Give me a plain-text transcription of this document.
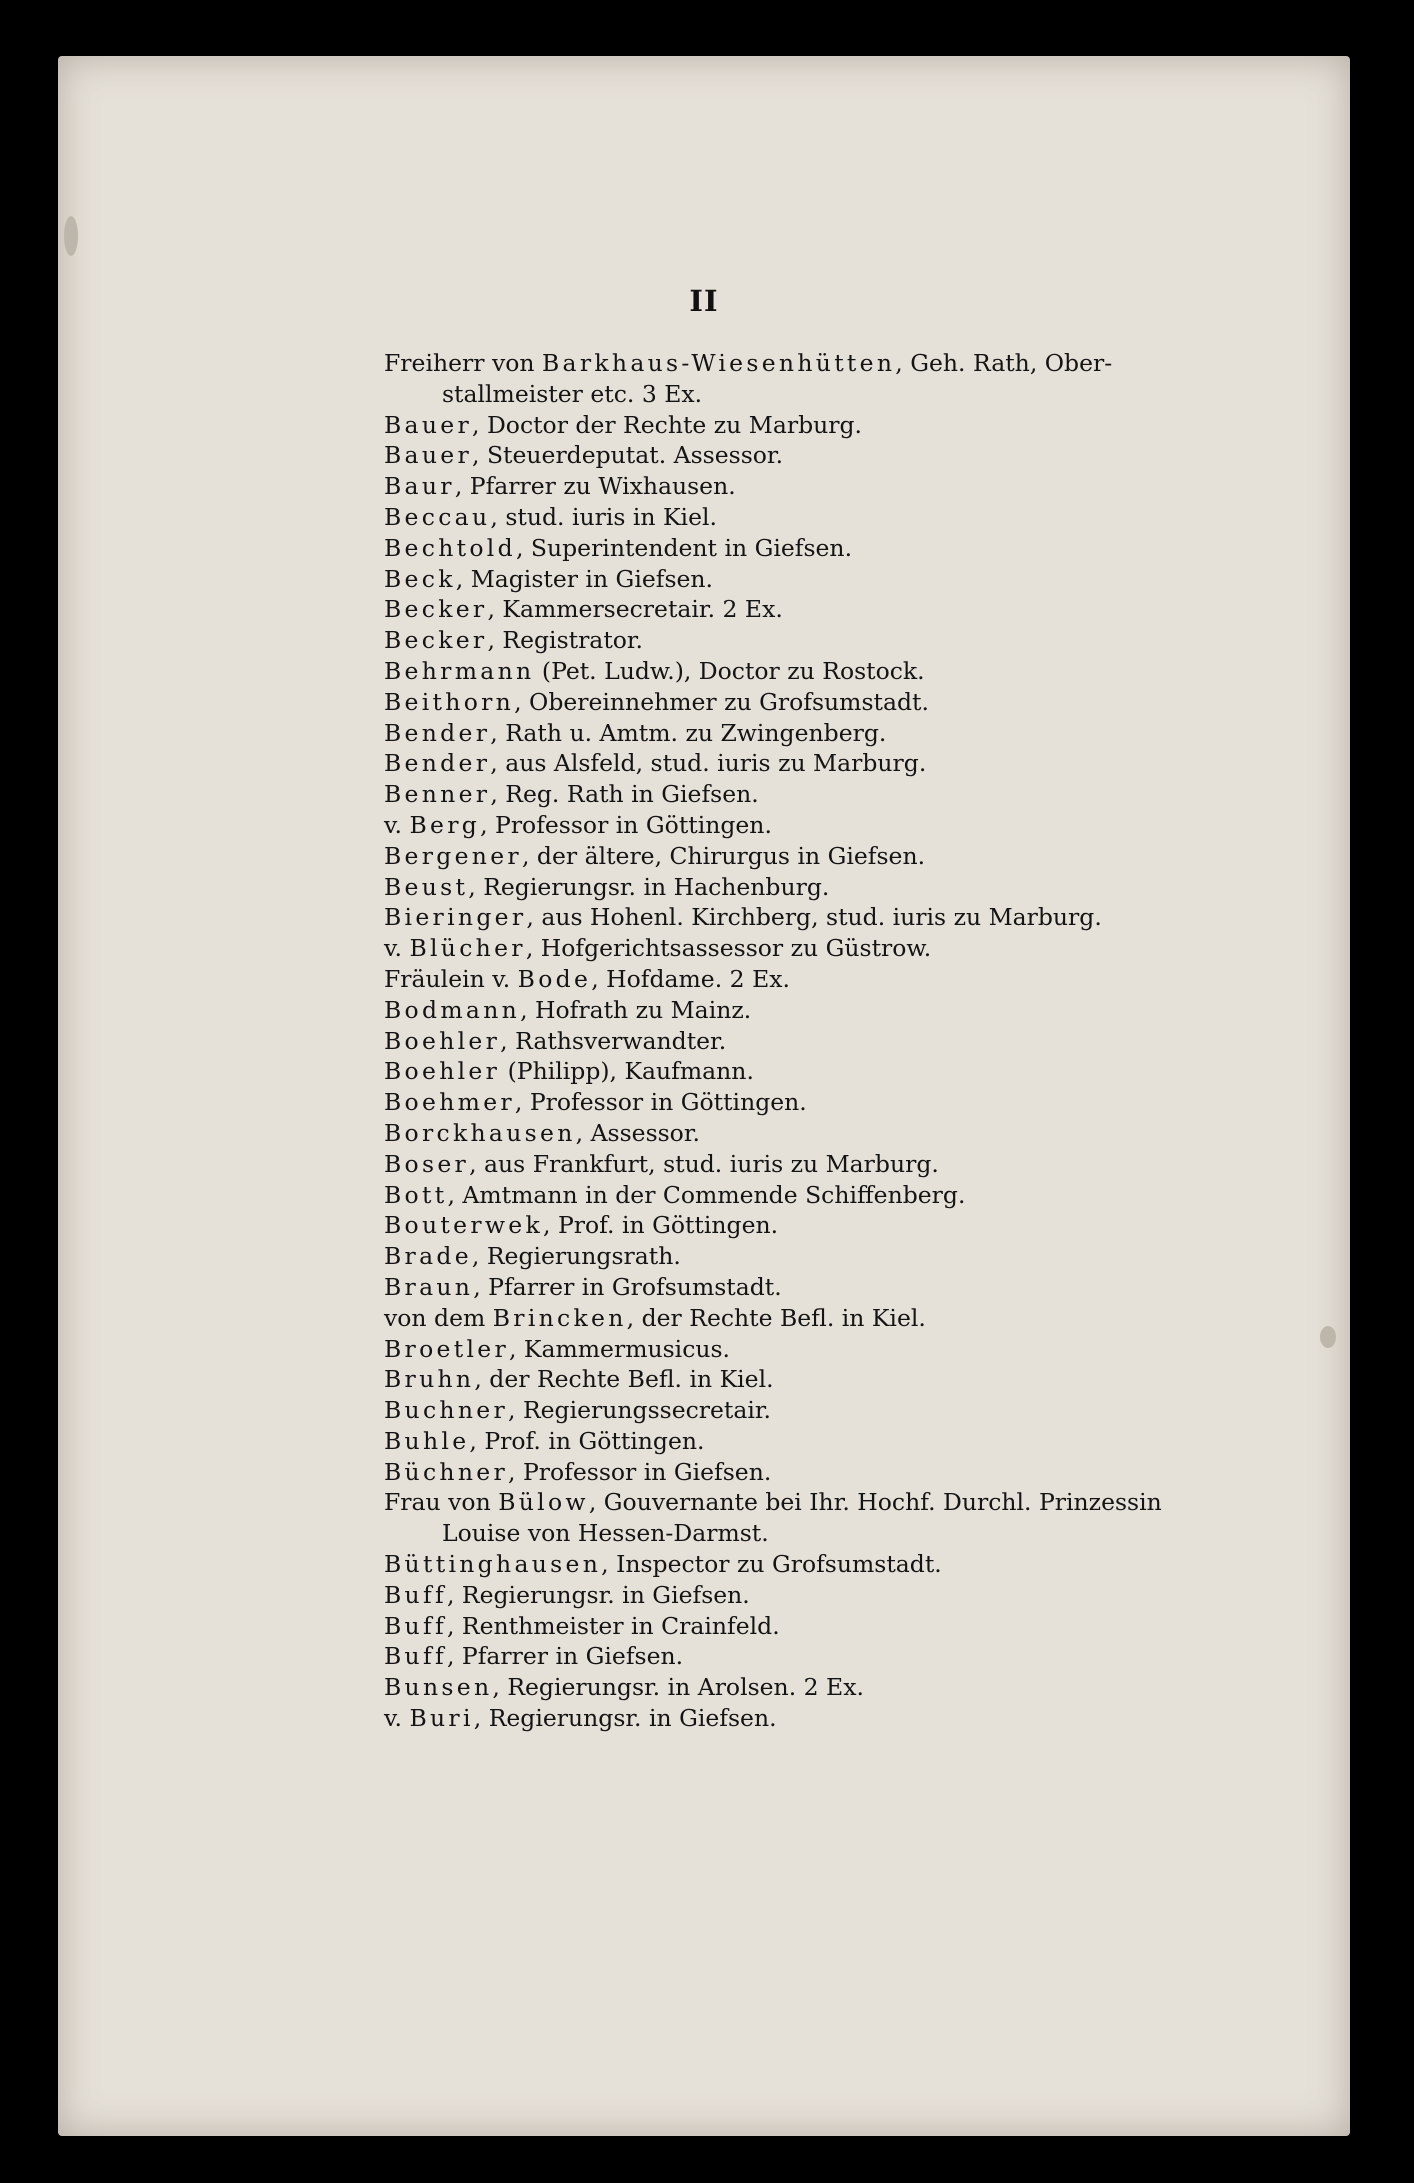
II
Freiherr von Barkhaus-Wiesenhütten, Geh. Rath, Ober-
stallmeister etc. 3 Ex.
Bauer, Doctor der Rechte zu Marburg.
Bauer, Steuerdeputat. Assessor.
Baur, Pfarrer zu Wixhausen.
Beccau, stud. iuris in Kiel.
Bechtold, Superintendent in Giefsen.
Beck, Magister in Giefsen.
Becker, Kammersecretair. 2 Ex.
Becker, Registrator.
Behrmann (Pet. Ludw.), Doctor zu Rostock.
Beithorn, Obereinnehmer zu Grofsumstadt.
Bender, Rath u. Amtm. zu Zwingenberg.
Bender, aus Alsfeld, stud. iuris zu Marburg.
Benner, Reg. Rath in Giefsen.
v. Berg, Professor in Göttingen.
Bergener, der ältere, Chirurgus in Giefsen.
Beust, Regierungsr. in Hachenburg.
Bieringer, aus Hohenl. Kirchberg, stud. iuris zu Marburg.
v. Blücher, Hofgerichtsassessor zu Güstrow.
Fräulein v. Bode, Hofdame. 2 Ex.
Bodmann, Hofrath zu Mainz.
Boehler, Rathsverwandter.
Boehler (Philipp), Kaufmann.
Boehmer, Professor in Göttingen.
Borckhausen, Assessor.
Boser, aus Frankfurt, stud. iuris zu Marburg.
Bott, Amtmann in der Commende Schiffenberg.
Bouterwek, Prof. in Göttingen.
Brade, Regierungsrath.
Braun, Pfarrer in Grofsumstadt.
von dem Brincken, der Rechte Befl. in Kiel.
Broetler, Kammermusicus.
Bruhn, der Rechte Befl. in Kiel.
Buchner, Regierungssecretair.
Buhle, Prof. in Göttingen.
Büchner, Professor in Giefsen.
Frau von Bülow, Gouvernante bei Ihr. Hochf. Durchl. Prinzessin
Louise von Hessen-Darmst.
Büttinghausen, Inspector zu Grofsumstadt.
Buff, Regierungsr. in Giefsen.
Buff, Renthmeister in Crainfeld.
Buff, Pfarrer in Giefsen.
Bunsen, Regierungsr. in Arolsen. 2 Ex.
v. Buri, Regierungsr. in Giefsen.
